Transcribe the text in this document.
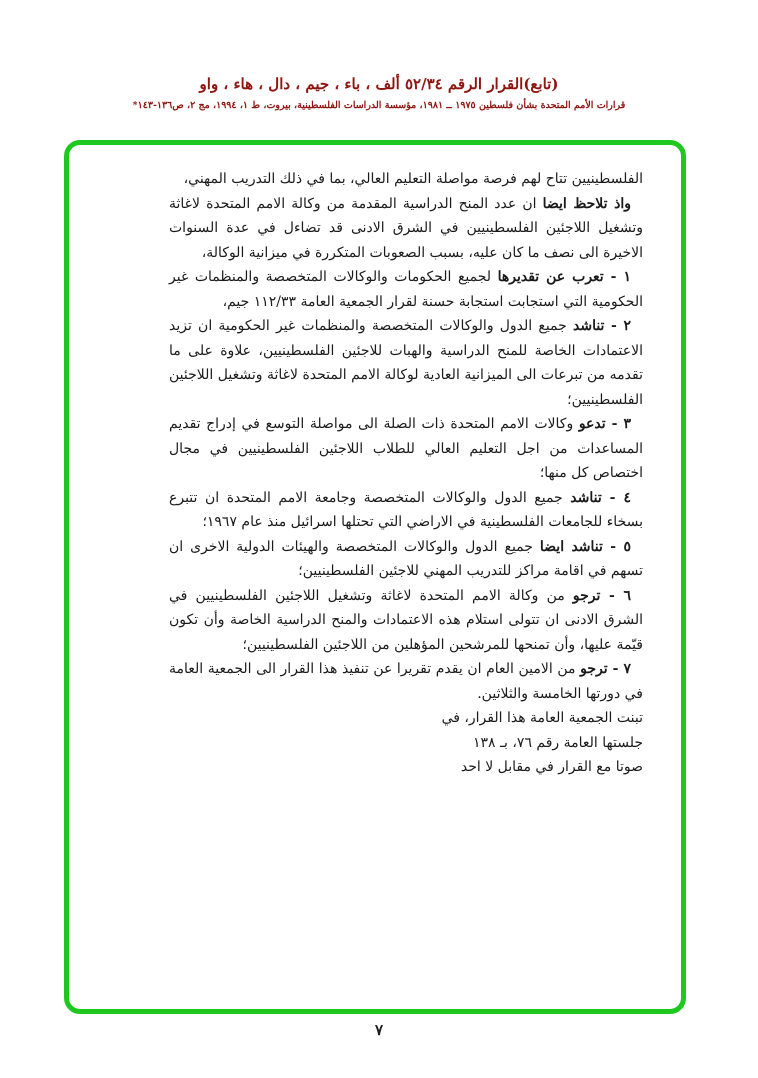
(تابع)القرار الرقم ٥٢/٣٤ ألف ، باء ، جيم ، دال ، هاء ، واو
قرارات الأمم المتحدة بشأن فلسطين ١٩٧٥ ــ ١٩٨١، مؤسسة الدراسات الفلسطينية، بيروت، ط ١، ١٩٩٤، مج ٢، ص١٣٦-١٤٣*

الفلسطينيين تتاح لهم فرصة مواصلة التعليم العالي، بما في ذلك التدريب المهني،

واذ تلاحظ ايضا ان عدد المنح الدراسية المقدمة من وكالة الامم المتحدة لاغاثة وتشغيل اللاجئين الفلسطينيين في الشرق الادنى قد تضاءل في عدة السنوات الاخيرة الى نصف ما كان عليه، بسبب الصعوبات المتكررة في ميزانية الوكالة،

١ - تعرب عن تقديرها لجميع الحكومات والوكالات المتخصصة والمنظمات غير الحكومية التي استجابت استجابة حسنة لقرار الجمعية العامة ١١٢/٣٣ جيم،

٢ - تناشد جميع الدول والوكالات المتخصصة والمنظمات غير الحكومية ان تزيد الاعتمادات الخاصة للمنح الدراسية والهبات للاجئين الفلسطينيين، علاوة على ما تقدمه من تبرعات الى الميزانية العادية لوكالة الامم المتحدة لاغاثة وتشغيل اللاجئين الفلسطينيين؛

٣ - تدعو وكالات الامم المتحدة ذات الصلة الى مواصلة التوسع في إدراج تقديم المساعدات من اجل التعليم العالي للطلاب اللاجئين الفلسطينيين في مجال اختصاص كل منها؛

٤ - تناشد جميع الدول والوكالات المتخصصة وجامعة الامم المتحدة ان تتبرع بسخاء للجامعات الفلسطينية في الاراضي التي تحتلها اسرائيل منذ عام ١٩٦٧؛

٥ - تناشد ايضا جميع الدول والوكالات المتخصصة والهيئات الدولية الاخرى ان تسهم في اقامة مراكز للتدريب المهني للاجئين الفلسطينيين؛

٦ - ترجو من وكالة الامم المتحدة لاغاثة وتشغيل اللاجئين الفلسطينيين في الشرق الادنى ان تتولى استلام هذه الاعتمادات والمنح الدراسية الخاصة وأن تكون قيّمة عليها، وأن تمنحها للمرشحين المؤهلين من اللاجئين الفلسطينيين؛

٧ - ترجو من الامين العام ان يقدم تقريرا عن تنفيذ هذا القرار الى الجمعية العامة في دورتها الخامسة والثلاثين.

تبنت الجمعية العامة هذا القرار، في
جلستها العامة رقم ٧٦، بـ ١٣٨
صوتا مع القرار في مقابل لا احد
٧
